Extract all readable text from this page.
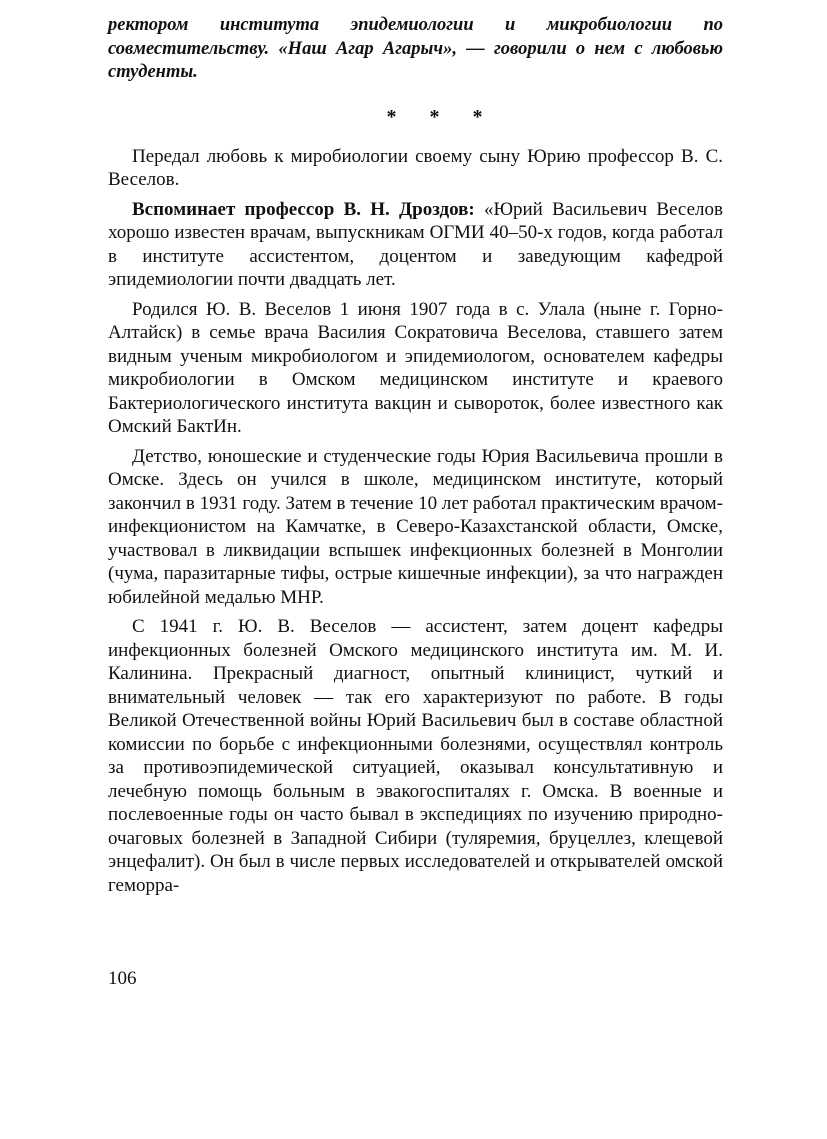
ректором института эпидемиологии и микробиологии по совместительству. «Наш Агар Агарыч», — говорили о нем с любовью студенты.

* * *

Передал любовь к миробиологии своему сыну Юрию профессор В. С. Веселов.

Вспоминает профессор В. Н. Дроздов: «Юрий Васильевич Веселов хорошо известен врачам, выпускникам ОГМИ 40–50-х годов, когда работал в институте ассистентом, доцентом и заведующим кафедрой эпидемиологии почти двадцать лет.

Родился Ю. В. Веселов 1 июня 1907 года в с. Улала (ныне г. Горно-Алтайск) в семье врача Василия Сократовича Веселова, ставшего затем видным ученым микробиологом и эпидемиологом, основателем кафедры микробиологии в Омском медицинском институте и краевого Бактериологического института вакцин и сывороток, более известного как Омский БактИн.

Детство, юношеские и студенческие годы Юрия Васильевича прошли в Омске. Здесь он учился в школе, медицинском институте, который закончил в 1931 году. Затем в течение 10 лет работал практическим врачом-инфекционистом на Камчатке, в Северо-Казахстанской области, Омске, участвовал в ликвидации вспышек инфекционных болезней в Монголии (чума, паразитарные тифы, острые кишечные инфекции), за что награжден юбилейной медалью МНР.

С 1941 г. Ю. В. Веселов — ассистент, затем доцент кафедры инфекционных болезней Омского медицинского института им. М. И. Калинина. Прекрасный диагност, опытный клиницист, чуткий и внимательный человек — так его характеризуют по работе. В годы Великой Отечественной войны Юрий Васильевич был в составе областной комиссии по борьбе с инфекционными болезнями, осуществлял контроль за противоэпидемической ситуацией, оказывал консультативную и лечебную помощь больным в эвакогоспиталях г. Омска. В военные и послевоенные годы он часто бывал в экспедициях по изучению природно-очаговых болезней в Западной Сибири (туляремия, бруцеллез, клещевой энцефалит). Он был в числе первых исследователей и открывателей омской геморра-

106
